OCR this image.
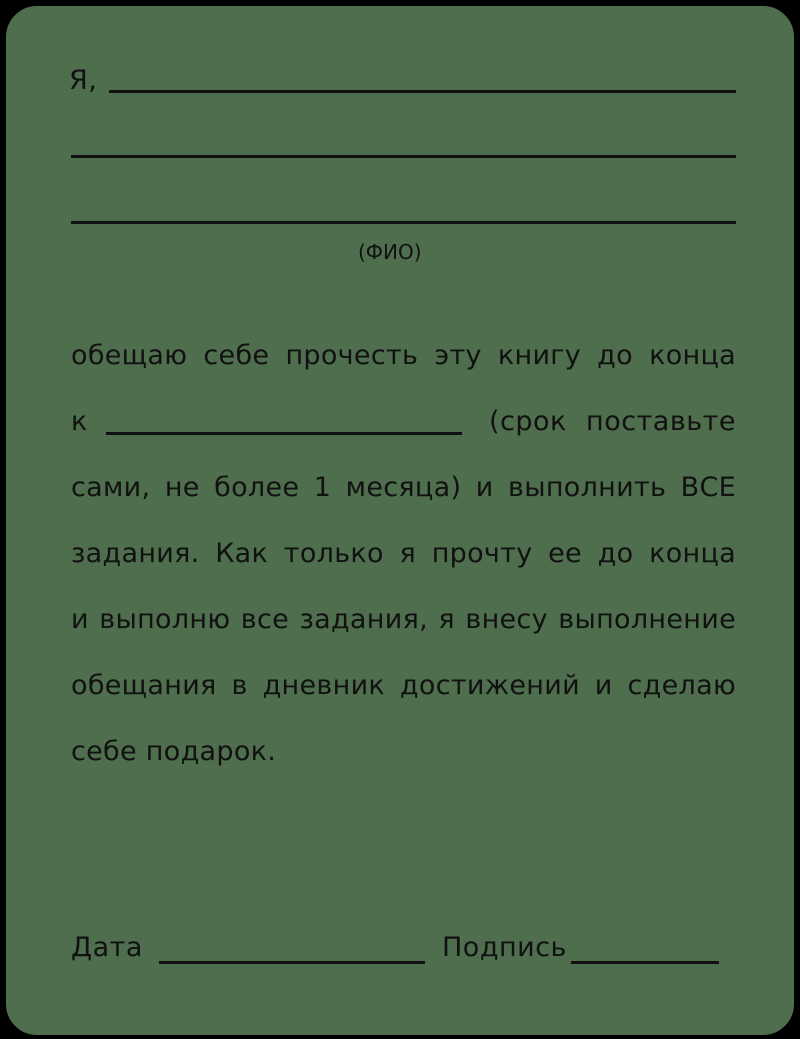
Я,
(ФИО)
обещаю себе прочесть эту книгу до конца
к	(срок поставьте
сами, не более 1 месяца) и выполнить ВСЕ
задания. Как только я прочту ее до конца
и выполню все задания, я внесу выполнение
обещания в дневник достижений и сделаю
себе подарок.
Дата	Подпись
